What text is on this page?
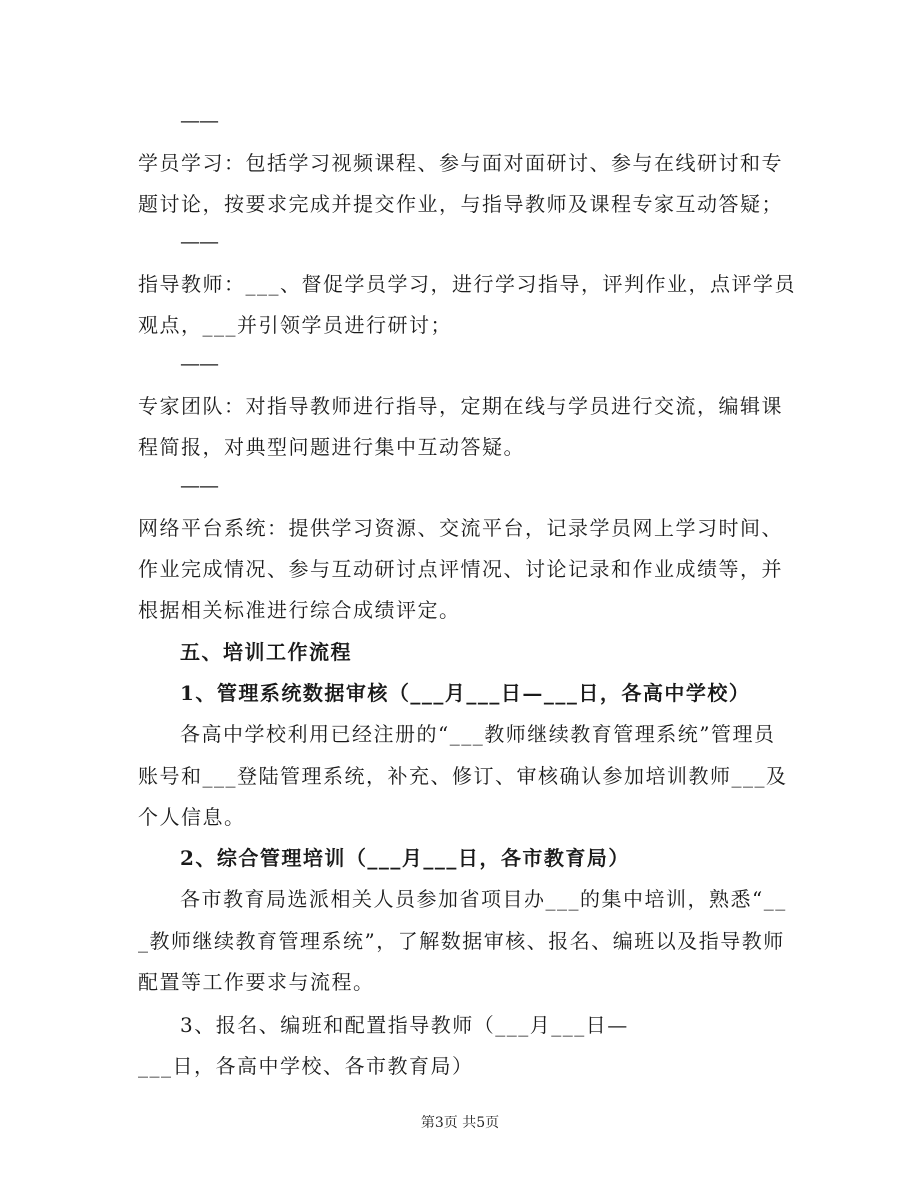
——
学员学习：包括学习视频课程、参与面对面研讨、参与在线研讨和专
题讨论，按要求完成并提交作业，与指导教师及课程专家互动答疑；
——
指导教师：___、督促学员学习，进行学习指导，评判作业，点评学员
观点，___并引领学员进行研讨；
——
专家团队：对指导教师进行指导，定期在线与学员进行交流，编辑课
程简报，对典型问题进行集中互动答疑。
——
网络平台系统：提供学习资源、交流平台，记录学员网上学习时间、
作业完成情况、参与互动研讨点评情况、讨论记录和作业成绩等，并
根据相关标准进行综合成绩评定。
五、培训工作流程
1、管理系统数据审核（___月___日—___日，各高中学校）
各高中学校利用已经注册的“___教师继续教育管理系统”管理员
账号和___登陆管理系统，补充、修订、审核确认参加培训教师___及
个人信息。
2、综合管理培训（___月___日，各市教育局）
各市教育局选派相关人员参加省项目办___的集中培训，熟悉“__
_教师继续教育管理系统”，了解数据审核、报名、编班以及指导教师
配置等工作要求与流程。
3、报名、编班和配置指导教师（___月___日—
___日，各高中学校、各市教育局）
第3页 共5页
